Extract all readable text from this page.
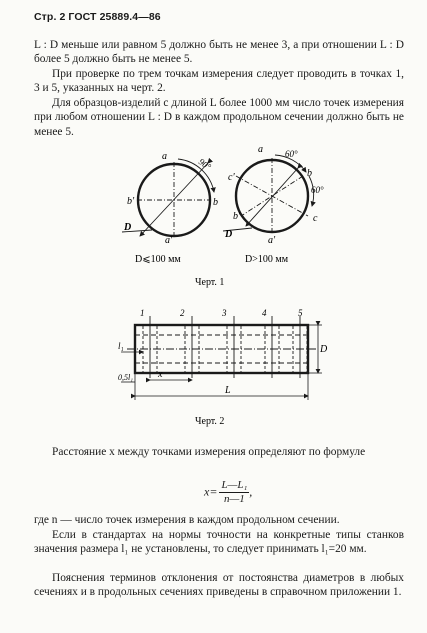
Стр. 2 ГОСТ 25889.4—86
L : D меньше или равном 5 должно быть не менее 3, а при отношении L : D более 5 должно быть не менее 5.
При проверке по трем точкам измерения следует проводить в точках 1, 3 и 5, указанных на черт. 2.
Для образцов-изделий с длиной L более 1000 мм число точек измерения при любом отношении L : D в каждом продольном сечении должно быть не менее 5.
a
a'
b'	b
D
90°
D⩽100 мм
a
a'
c'	b
b'	c
D
60°
60°
D>100 мм
Черт. 1
1	2	3	4	5
l₁
0,5l₁ x
L
D
Черт. 2
Расстояние x между точками измерения определяют по формуле
$x= \frac{\text{L—L₁}}{n—1}$ ,
где n — число точек измерения в каждом продольном сечении.
Если в стандартах на нормы точности на конкретные типы станков значения размера l₁ не установлены, то следует принимать l₁=20 мм.
Пояснения терминов отклонения от постоянства диаметров в любых сечениях и в продольных сечениях приведены в справочном приложении 1.
